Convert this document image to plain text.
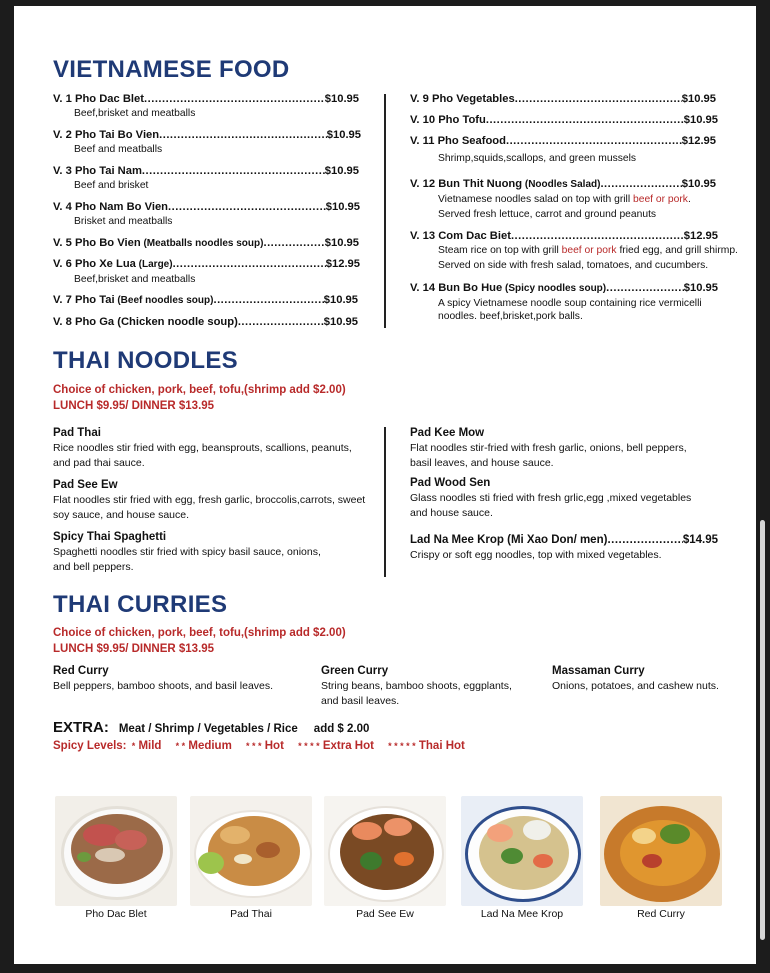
VIETNAMESE FOOD
V. 1 Pho Dac Blet .....	$10.95
Beef,brisket and meatballs
V. 2 Pho Tai Bo Vien .....	$10.95
Beef and meatballs
V. 3 Pho Tai Nam .....	$10.95
Beef and brisket
V. 4 Pho Nam Bo Vien .....	$10.95
Brisket and meatballs
V. 5 Pho Bo Vien (Meatballs noodles soup) .....	$10.95
V. 6 Pho Xe Lua (Large) .....	$12.95
Beef,brisket and meatballs
V. 7 Pho Tai (Beef noodles soup) .....	$10.95
V. 8 Pho Ga (Chicken noodle soup) .....	$10.95
V. 9 Pho Vegetables .....	$10.95
V. 10 Pho Tofu .....	$10.95
V. 11 Pho Seafood .....	$12.95
Shrimp,squids,scallops, and green mussels
V. 12 Bun Thit Nuong (Noodles Salad) .....	$10.95
Vietnamese noodles salad on top with grill beef or pork.
Served fresh lettuce, carrot and ground peanuts
V. 13 Com Dac Biet .....	$12.95
Steam rice on top with grill beef or pork fried egg, and grill shirmp.
Served on side with fresh salad, tomatoes, and cucumbers.
V. 14 Bun Bo Hue (Spicy noodles soup) .....	$10.95
A spicy Vietnamese noodle soup containing rice vermicelli
noodles. beef,brisket,pork balls.
THAI NOODLES
Choice of chicken, pork, beef, tofu,(shrimp add $2.00)
LUNCH $9.95/ DINNER $13.95
Pad Thai
Rice noodles stir fried with egg, beansprouts, scallions, peanuts,
and pad thai sauce.
Pad See Ew
Flat noodles stir fried with egg, fresh garlic, broccolis,carrots, sweet
soy sauce, and house sauce.
Spicy Thai Spaghetti
Spaghetti noodles stir fried with spicy basil sauce, onions,
and bell peppers.
Pad Kee Mow
Flat noodles stir-fried with fresh garlic, onions, bell peppers,
basil leaves, and house sauce.
Pad Wood Sen
Glass noodles sti fried with fresh grlic,egg ,mixed vegetables
and house sauce.
Lad Na Mee Krop (Mi Xao Don/ men) .....	$14.95
Crispy or soft egg noodles, top with mixed vegetables.
THAI CURRIES
Choice of chicken, pork, beef, tofu,(shrimp add $2.00)
LUNCH $9.95/ DINNER $13.95
Red Curry
Bell peppers, bamboo shoots, and basil leaves.
Green Curry
String beans, bamboo shoots, eggplants,
and basil leaves.
Massaman Curry
Onions, potatoes, and cashew nuts.
EXTRA: Meat / Shrimp / Vegetables / Rice add $ 2.00
Spicy Levels: * Mild * * Medium * * * Hot * * * * Extra Hot * * * * * Thai Hot
Pho Dac Blet	Pad Thai	Pad See Ew	Lad Na Mee Krop	Red Curry
